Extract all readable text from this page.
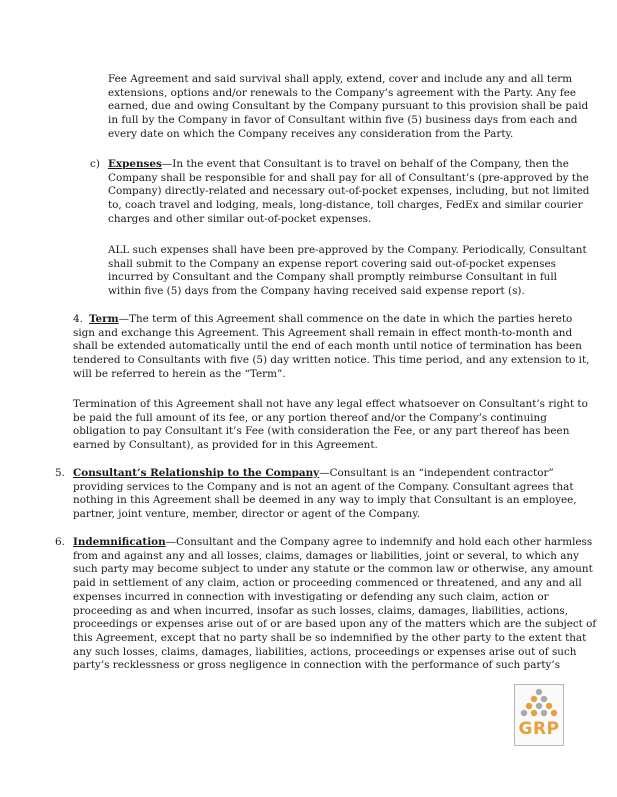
Fee Agreement and said survival shall apply, extend, cover and include any and all term
extensions, options and/or renewals to the Company’s agreement with the Party. Any fee
earned, due and owing Consultant by the Company pursuant to this provision shall be paid
in full by the Company in favor of Consultant within five (5) business days from each and
every date on which the Company receives any consideration from the Party.
c) Expenses—In the event that Consultant is to travel on behalf of the Company, then the
Company shall be responsible for and shall pay for all of Consultant’s (pre-approved by the
Company) directly-related and necessary out-of-pocket expenses, including, but not limited
to, coach travel and lodging, meals, long-distance, toll charges, FedEx and similar courier
charges and other similar out-of-pocket expenses.
ALL such expenses shall have been pre-approved by the Company. Periodically, Consultant
shall submit to the Company an expense report covering said out-of-pocket expenses
incurred by Consultant and the Company shall promptly reimburse Consultant in full
within five (5) days from the Company having received said expense report (s).
4. Term—The term of this Agreement shall commence on the date in which the parties hereto
sign and exchange this Agreement. This Agreement shall remain in effect month-to-month and
shall be extended automatically until the end of each month until notice of termination has been
tendered to Consultants with five (5) day written notice. This time period, and any extension to it,
will be referred to herein as the “Term”.
Termination of this Agreement shall not have any legal effect whatsoever on Consultant’s right to
be paid the full amount of its fee, or any portion thereof and/or the Company’s continuing
obligation to pay Consultant it’s Fee (with consideration the Fee, or any part thereof has been
earned by Consultant), as provided for in this Agreement.
5. Consultant’s Relationship to the Company—Consultant is an “independent contractor”
providing services to the Company and is not an agent of the Company. Consultant agrees that
nothing in this Agreement shall be deemed in any way to imply that Consultant is an employee,
partner, joint venture, member, director or agent of the Company.
6. Indemnification—Consultant and the Company agree to indemnify and hold each other harmless
from and against any and all losses, claims, damages or liabilities, joint or several, to which any
such party may become subject to under any statute or the common law or otherwise, any amount
paid in settlement of any claim, action or proceeding commenced or threatened, and any and all
expenses incurred in connection with investigating or defending any such claim, action or
proceeding as and when incurred, insofar as such losses, claims, damages, liabilities, actions,
proceedings or expenses arise out of or are based upon any of the matters which are the subject of
this Agreement, except that no party shall be so indemnified by the other party to the extent that
any such losses, claims, damages, liabilities, actions, proceedings or expenses arise out of such
party’s recklessness or gross negligence in connection with the performance of such party’s
GRP
